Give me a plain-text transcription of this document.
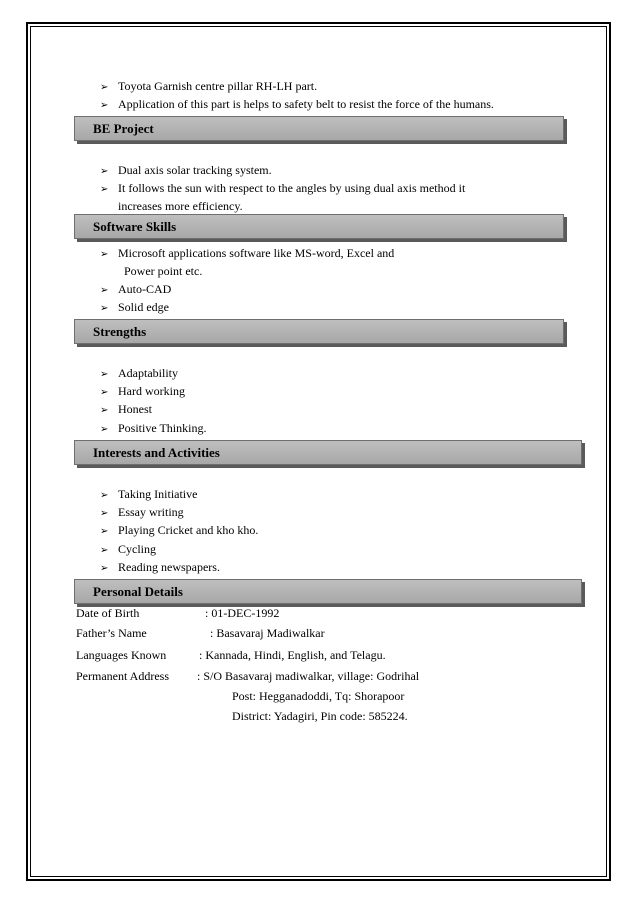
➢ Toyota Garnish centre pillar RH-LH part.
➢ Application of this part is helps to safety belt to resist the force of the humans.
BE Project
➢ Dual axis solar tracking system.
➢ It follows the sun with respect to the angles by using dual axis method it
increases more efficiency.
Software Skills
➢ Microsoft applications software like MS-word, Excel and
Power point etc.
➢ Auto-CAD
➢ Solid edge
Strengths
➢ Adaptability
➢ Hard working
➢ Honest
➢ Positive Thinking.
Interests and Activities
➢ Taking Initiative
➢ Essay writing
➢ Playing Cricket and kho kho.
➢ Cycling
➢ Reading newspapers.
Personal Details
Date of Birth	: 01-DEC-1992
Father’s Name	: Basavaraj Madiwalkar
Languages Known	: Kannada, Hindi, English, and Telagu.
Permanent Address : S/O Basavaraj madiwalkar, village: Godrihal
Post: Hegganadoddi, Tq: Shorapoor
District: Yadagiri, Pin code: 585224.
